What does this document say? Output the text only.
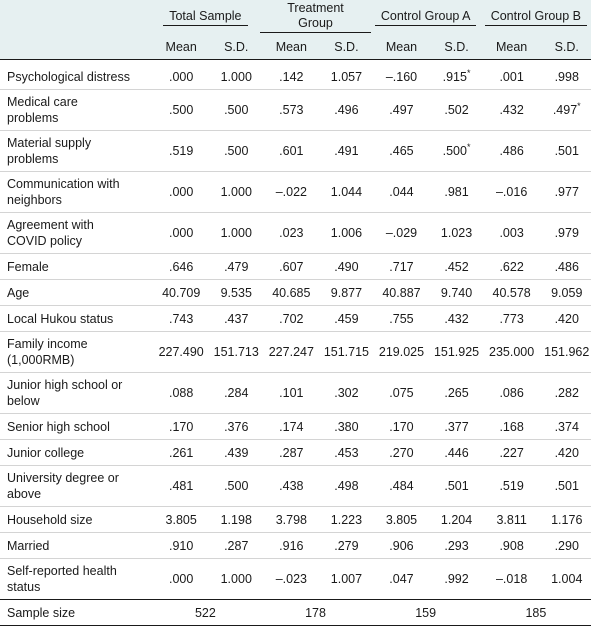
	Total Sample		Treatment Group		Control Group A		Control Group B	
	Mean	S.D.	Mean	S.D.	Mean	S.D.	Mean	S.D.
Psychological distress	.000	1.000	.142	1.057	–.160	.915*	.001	.998
Medical care problems	.500	.500	.573	.496	.497	.502	.432	.497*
Material supply problems	.519	.500	.601	.491	.465	.500*	.486	.501
Communication with neighbors	.000	1.000	–.022	1.044	.044	.981	–.016	.977
Agreement with COVID policy	.000	1.000	.023	1.006	–.029	1.023	.003	.979
Female	.646	.479	.607	.490	.717	.452	.622	.486
Age	40.709	9.535	40.685	9.877	40.887	9.740	40.578	9.059
Local Hukou status	.743	.437	.702	.459	.755	.432	.773	.420
Family income (1,000RMB)	227.490	151.713	227.247	151.715	219.025	151.925	235.000	151.962
Junior high school or below	.088	.284	.101	.302	.075	.265	.086	.282
Senior high school	.170	.376	.174	.380	.170	.377	.168	.374
Junior college	.261	.439	.287	.453	.270	.446	.227	.420
University degree or above	.481	.500	.438	.498	.484	.501	.519	.501
Household size	3.805	1.198	3.798	1.223	3.805	1.204	3.811	1.176
Married	.910	.287	.916	.279	.906	.293	.908	.290
Self-reported health status	.000	1.000	–.023	1.007	.047	.992	–.018	1.004
Sample size	522		178		159		185	
